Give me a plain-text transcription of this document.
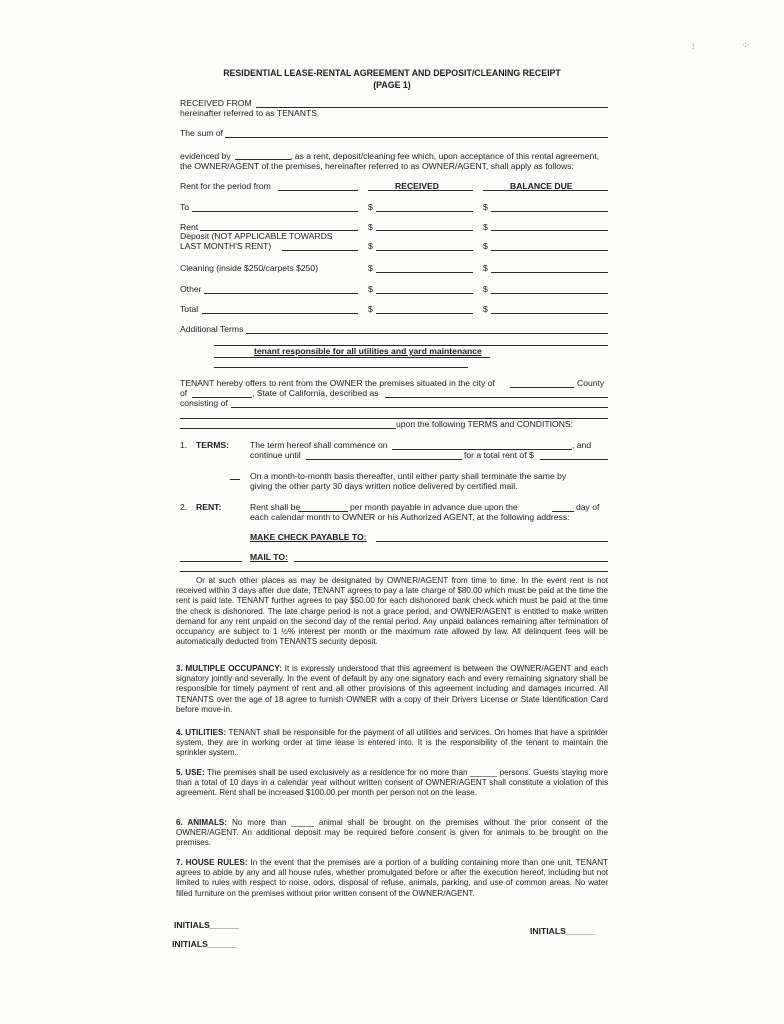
⁝	·:·
RESIDENTIAL LEASE-RENTAL AGREEMENT AND DEPOSIT/CLEANING RECEIPT
(PAGE 1)
RECEIVED FROM
hereinafter referred to as TENANTS.
The sum of
evidenced by	, as a rent, deposit/cleaning fee which, upon acceptance of this rental agreement,
the OWNER/AGENT of the premises, hereinafter referred to as OWNER/AGENT, shall apply as follows:
Rent for the period from	RECEIVED	BALANCE DUE
To	$	$
Rent	$	$
Deposit (NOT APPLICABLE TOWARDS
LAST MONTH'S RENT)	$	$
Cleaning (inside $250/carpets $250)	$	$
Other	$	$
Total	$	$
Additional Terms
tenant responsible for all utilities and yard maintenance
TENANT hereby offers to rent from the OWNER the premises situated in the city of	County
of	, State of California, described as
consisting of
upon the following TERMS and CONDITIONS:
1. TERMS: The term hereof shall commence on	, and
continue until	for a total rent of $
On a month-to-month basis thereafter, until either party shall terminate the same by
giving the other party 30 days written notice delivered by certified mail.
2. RENT:	Rent shall be	per month payable in advance due upon the	day of
each calendar month to OWNER or his Authorized AGENT, at the following address:
MAKE CHECK PAYABLE TO:
MAIL TO:
Or at such other places as may be designated by OWNER/AGENT from time to time. In the event rent is not received within 3 days after due date, TENANT agrees to pay a late charge of $80.00 which must be paid at the time the rent is paid late. TENANT further agrees to pay $50.00 for each dishonored bank check which must be paid at the time the check is dishonored. The late charge period is not a grace period, and OWNER/AGENT is entitled to make written demand for any rent unpaid on the second day of the rental period. Any unpaid balances remaining after termination of occupancy are subject to 1 ½% interest per month or the maximum rate allowed by law. All delinquent fees will be automatically deducted from TENANTS security deposit.
3. MULTIPLE OCCUPANCY: It is expressly understood that this agreement is between the OWNER/AGENT and each signatory jointly and severally. In the event of default by any one signatory each and every remaining signatory shall be responsible for timely payment of rent and all other provisions of this agreement including and damages incurred. All TENANTS over the age of 18 agree to furnish OWNER with a copy of their Drivers License or State Identification Card before move-in.
4. UTILITIES: TENANT shall be responsible for the payment of all utilities and services. On homes that have a sprinkler system, they are in working order at time lease is entered into. It is the responsibility of the tenant to maintain the sprinkler system.
5. USE: The premises shall be used exclusively as a residence for no more than ______ persons. Guests staying more than a total of 10 days in a calendar year without written consent of OWNER/AGENT shall constitute a violation of this agreement. Rent shall be increased $100.00 per month per person not on the lease.
6. ANIMALS: No more than _____ animal shall be brought on the premises without the prior consent of the OWNER/AGENT. An additional deposit may be required before consent is given for animals to be brought on the premises.
7. HOUSE RULES: In the event that the premises are a portion of a building containing more than one unit, TENANT agrees to abide by any and all house rules, whether promulgated before or after the execution hereof, including but not limited to rules with respect to noise, odors, disposal of refuse, animals, parking, and use of common areas. No water filled furniture on the premises without prior written consent of the OWNER/AGENT.
INITIALS______
INITIALS______
INITIALS______
